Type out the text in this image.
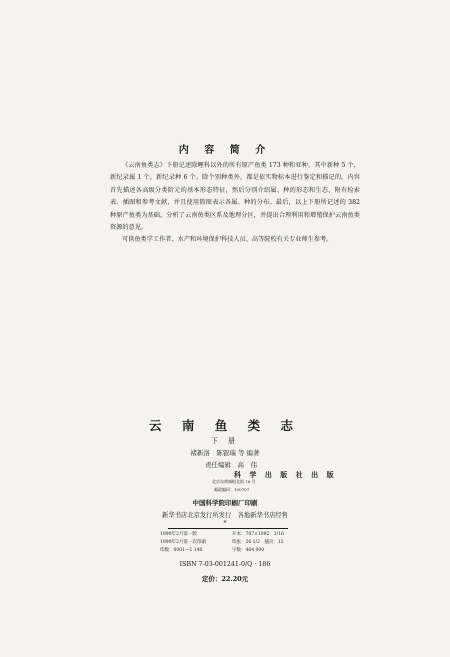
内 容 简 介

《云南鱼类志》下册记述除鲤科以外的所有原产鱼类 173 种和亚种，其中新种 5 个，新纪录属 1 个，新纪录种 6 个。除个别种类外，都是依实物标本进行鉴定和描记的。内容首先描述各高级分类阶元的基本形态特征，然后分别介绍属、种的形态和生态，附有检索表、插图和参考文献，并且使用简图表示各属、种的分布。最后，以上下册所记述的 382 种原产鱼类为基础，分析了云南鱼类区系及地理分区，并提出合理利用和增殖保护云南鱼类资源的意见。

可供鱼类学工作者、水产和环境保护科技人员、高等院校有关专业师生参考。

云 南 鱼 类 志
下 册
褚新洛　陈银瑞 等 编著
责任编辑　高　伟
科 学 出 版 社 出 版
北京东黄城根北街 16 号
邮政编码：100707
中国科学院印刷厂印刷
新华书店北京发行所发行　各地新华书店经售
*
1990年2月第一版	开本：787×1092　1/16
1990年2月第一次印刷	印张：26 1/2　插页：12
印数：0001—1 140	字数：464 000
ISBN 7-03-001241-0/Q · 186
定价：22.20元
